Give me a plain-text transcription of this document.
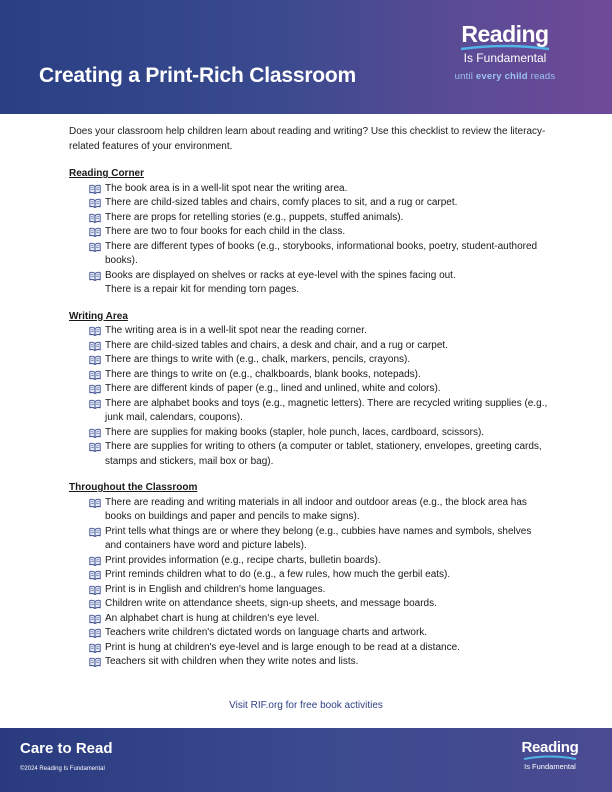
Creating a Print-Rich Classroom
Reading
Is Fundamental
until every child reads

Does your classroom help children learn about reading and writing? Use this checklist to review the literacy-related features of your environment.

Reading Corner

The book area is in a well-lit spot near the writing area.
There are child-sized tables and chairs, comfy places to sit, and a rug or carpet.
There are props for retelling stories (e.g., puppets, stuffed animals).
There are two to four books for each child in the class.
There are different types of books (e.g., storybooks, informational books, poetry, student-authored books).
Books are displayed on shelves or racks at eye-level with the spines facing out.
There is a repair kit for mending torn pages.

Writing Area

The writing area is in a well-lit spot near the reading corner.
There are child-sized tables and chairs, a desk and chair, and a rug or carpet.
There are things to write with (e.g., chalk, markers, pencils, crayons).
There are things to write on (e.g., chalkboards, blank books, notepads).
There are different kinds of paper (e.g., lined and unlined, white and colors).
There are alphabet books and toys (e.g., magnetic letters). There are recycled writing supplies (e.g., junk mail, calendars, coupons).
There are supplies for making books (stapler, hole punch, laces, cardboard, scissors).
There are supplies for writing to others (a computer or tablet, stationery, envelopes, greeting cards, stamps and stickers, mail box or bag).

Throughout the Classroom

There are reading and writing materials in all indoor and outdoor areas (e.g., the block area has books on buildings and paper and pencils to make signs).
Print tells what things are or where they belong (e.g., cubbies have names and symbols, shelves and containers have word and picture labels).
Print provides information (e.g., recipe charts, bulletin boards).
Print reminds children what to do (e.g., a few rules, how much the gerbil eats).
Print is in English and children's home languages.
Children write on attendance sheets, sign-up sheets, and message boards.
An alphabet chart is hung at children's eye level.
Teachers write children's dictated words on language charts and artwork.
Print is hung at children's eye-level and is large enough to be read at a distance.
Teachers sit with children when they write notes and lists.
Visit RIF.org for free book activities
Care to Read
©2024 Reading Is Fundamental
Reading
Is Fundamental
